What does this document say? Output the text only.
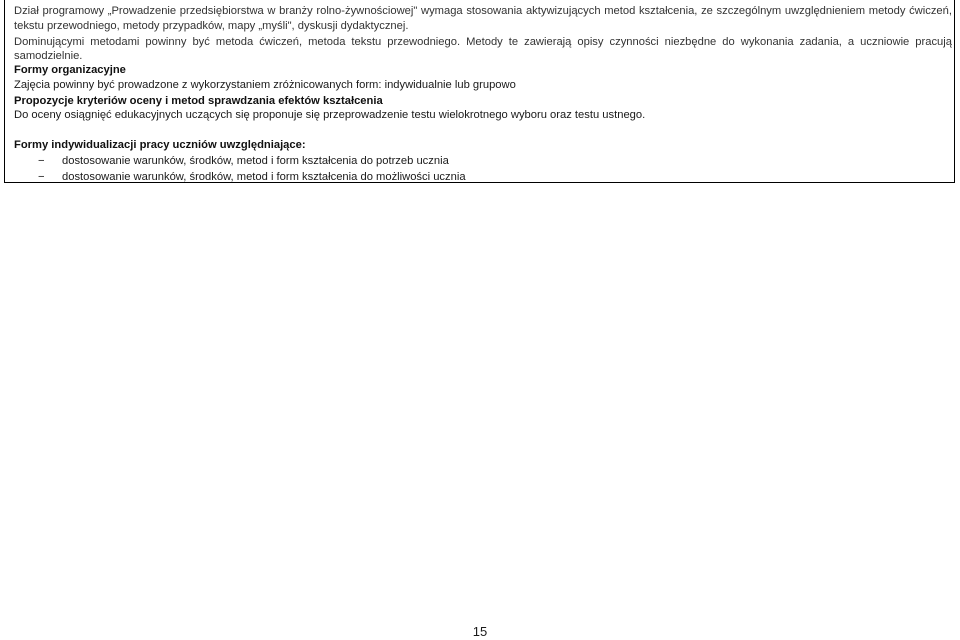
Dział programowy „Prowadzenie przedsiębiorstwa w branży rolno-żywnościowej" wymaga stosowania aktywizujących metod kształcenia, ze szczególnym uwzględnieniem metody ćwiczeń,
tekstu przewodniego, metody przypadków, mapy „myśli", dyskusji dydaktycznej.
Dominującymi metodami powinny być metoda ćwiczeń, metoda tekstu przewodniego. Metody te zawierają opisy czynności niezbędne do wykonania zadania, a uczniowie pracują
samodzielnie.
Formy organizacyjne
Zajęcia powinny być prowadzone z wykorzystaniem zróżnicowanych form: indywidualnie lub grupowo
Propozycje kryteriów oceny i metod sprawdzania efektów kształcenia
Do oceny osiągnięć edukacyjnych uczących się proponuje się przeprowadzenie testu wielokrotnego wyboru oraz testu ustnego.
Formy indywidualizacji pracy uczniów uwzględniające:
− dostosowanie warunków, środków, metod i form kształcenia do potrzeb ucznia
− dostosowanie warunków, środków, metod i form kształcenia do możliwości ucznia
15
